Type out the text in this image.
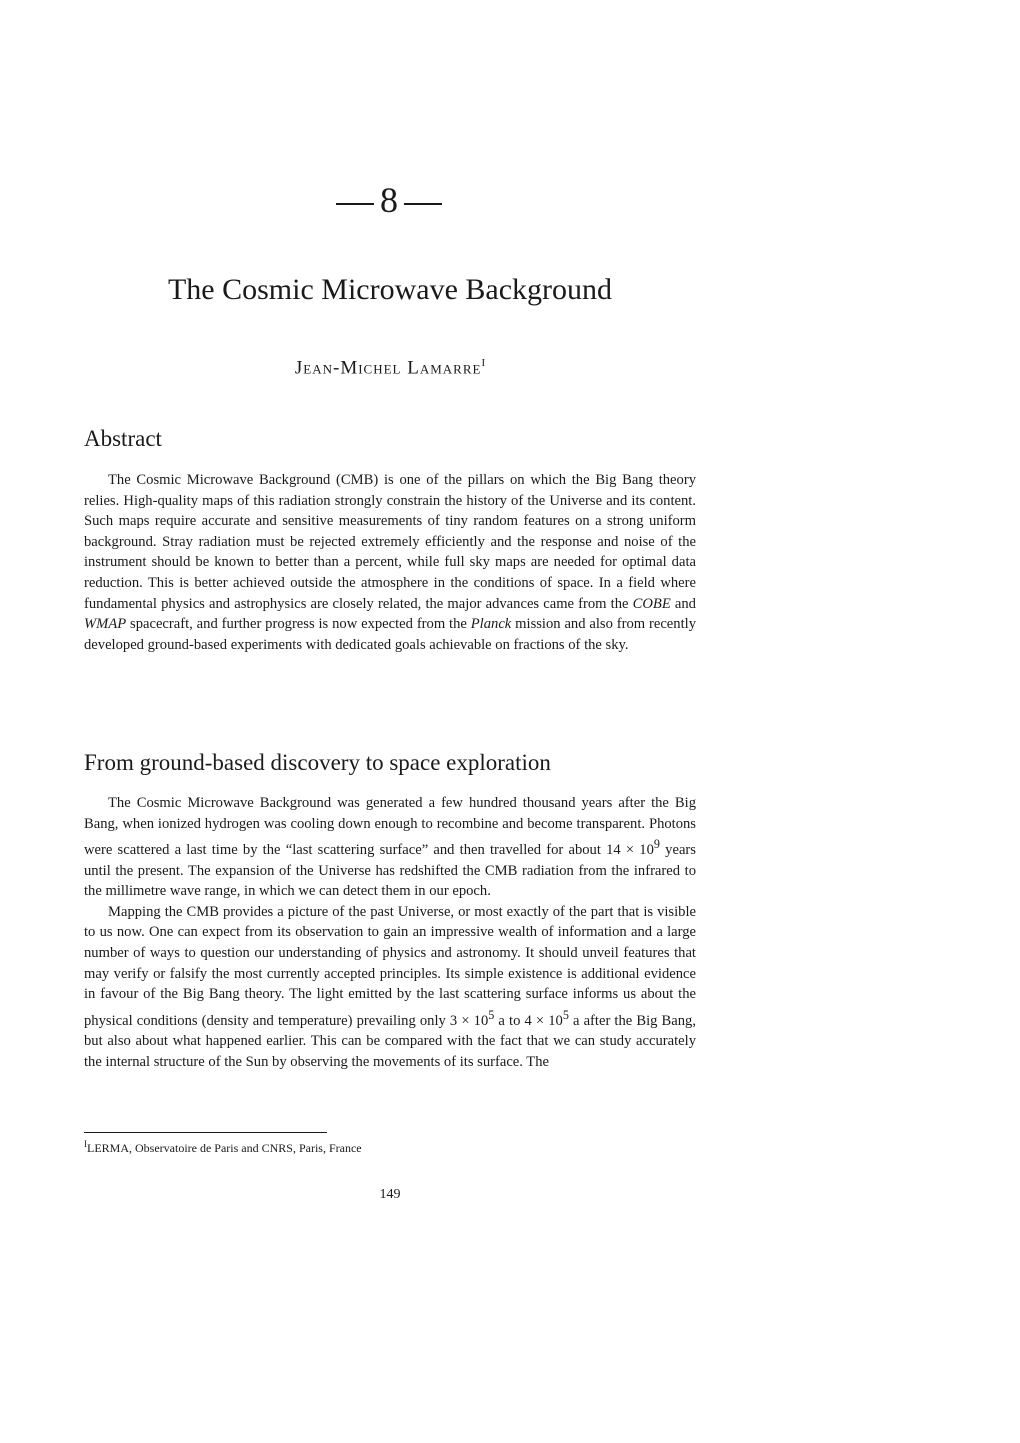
8
The Cosmic Microwave Background
Jean-Michel Lamarre$^I$
Abstract

The Cosmic Microwave Background (CMB) is one of the pillars on which the Big Bang theory relies. High-quality maps of this radiation strongly constrain the history of the Universe and its content. Such maps require accurate and sensitive measurements of tiny random features on a strong uniform background. Stray radiation must be rejected extremely efficiently and the response and noise of the instrument should be known to better than a percent, while full sky maps are needed for optimal data reduction. This is better achieved outside the atmosphere in the conditions of space. In a field where fundamental physics and astrophysics are closely related, the major advances came from the COBE and WMAP spacecraft, and further progress is now expected from the Planck mission and also from recently developed ground-based experiments with dedicated goals achievable on fractions of the sky.

From ground-based discovery to space exploration

The Cosmic Microwave Background was generated a few hundred thousand years after the Big Bang, when ionized hydrogen was cooling down enough to recombine and become transparent. Photons were scattered a last time by the “last scattering surface” and then travelled for about $14 \times 10^9$ years until the present. The expansion of the Universe has redshifted the CMB radiation from the infrared to the millimetre wave range, in which we can detect them in our epoch.

Mapping the CMB provides a picture of the past Universe, or most exactly of the part that is visible to us now. One can expect from its observation to gain an impressive wealth of information and a large number of ways to question our understanding of physics and astronomy. It should unveil features that may verify or falsify the most currently accepted principles. Its simple existence is additional evidence in favour of the Big Bang theory. The light emitted by the last scattering surface informs us about the physical conditions (density and temperature) prevailing only $3 \times 10^5$ a to $4 \times 10^5$ a after the Big Bang, but also about what happened earlier. This can be compared with the fact that we can study accurately the internal structure of the Sun by observing the movements of its surface. The

$^I$LERMA, Observatoire de Paris and CNRS, Paris, France
149
